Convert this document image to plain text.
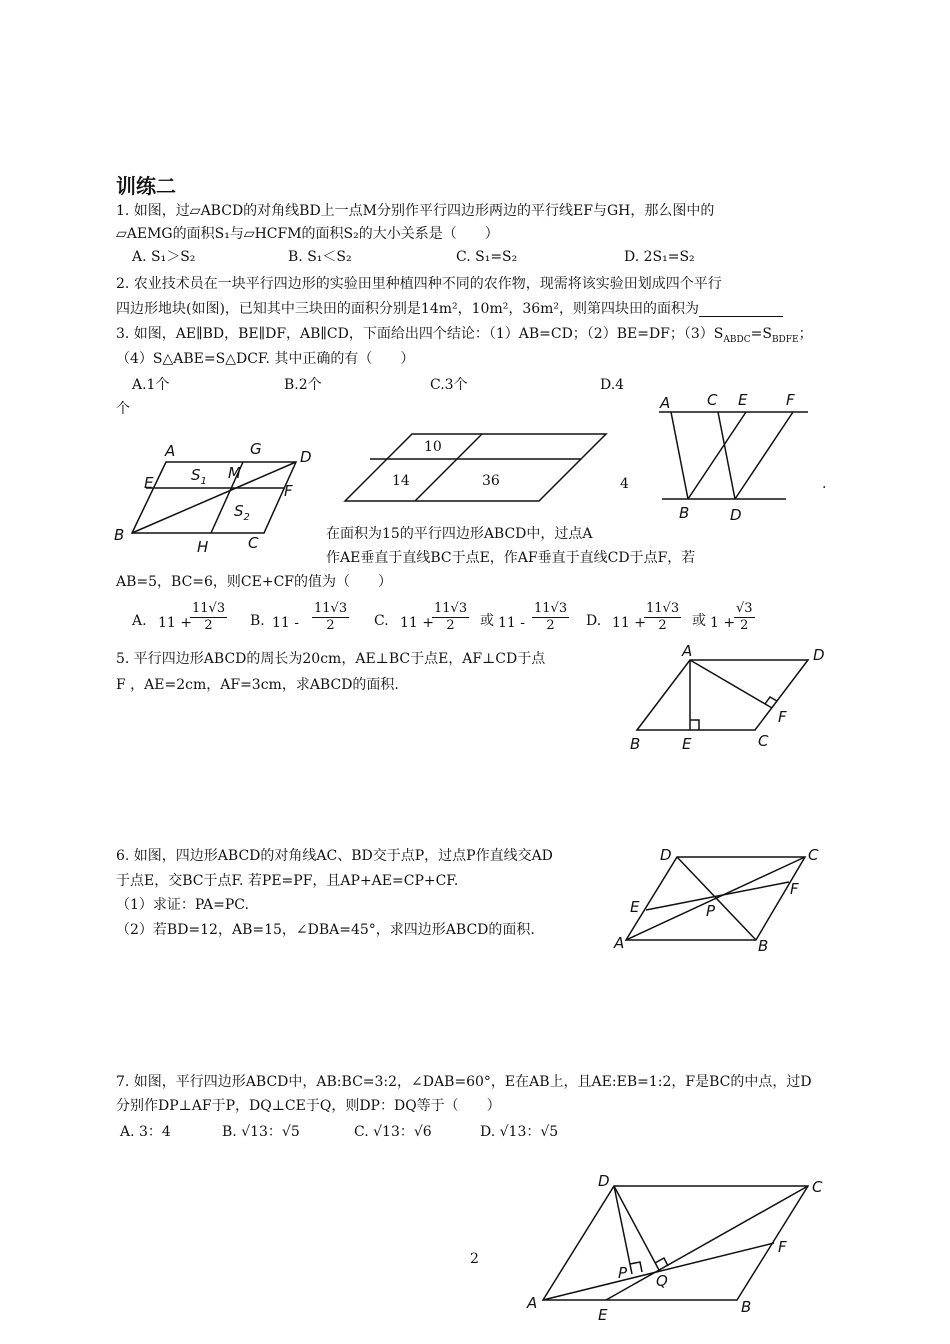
训练二
1. 如图，过▱ABCD的对角线BD上一点M分别作平行四边形两边的平行线EF与GH，那么图中的
▱AEMG的面积S₁与▱HCFM的面积S₂的大小关系是（　　）
A. S₁＞S₂	B. S₁＜S₂	C. S₁=S₂	D. 2S₁=S₂
2. 农业技术员在一块平行四边形的实验田里种植四种不同的农作物，现需将该实验田划成四个平行
四边形地块(如图)，已知其中三块田的面积分别是14m²，10m²，36m²，则第四块田的面积为
3. 如图，AE∥BD，BE∥DF，AB∥CD，下面给出四个结论：（1）AB=CD；（2）BE=DF；$(3)S_{ABDC}=S_{BDFE}$；
（4）S△ABE=S△DCF. 其中正确的有（　　）
A.1个	B.2个	C.3个	D.4
个
A	G	D
E
M
F
B
H	C
$S_1$
$S_2$
10
14	36
A C E	F
B	D
4	.
在面积为15的平行四边形ABCD中，过点A
作AE垂直于直线BC于点E，作AF垂直于直线CD于点F，若
AB=5，BC=6，则CE+CF的值为（　　）
A. 11 +
$\frac{11√3}{2} B$. $11 - \frac{11√3}{2} C$. 11 +
$\frac{11√3}{2}$ 或 $11 - \frac{11√3}{2} D$. 11 +
$\frac{11√3}{2}$ 或 1 +
$\frac{√3}{2}$
5. 平行四边形ABCD的周长为20cm，AE⊥BC于点E，AF⊥CD于点
F ，AE=2cm，AF=3cm，求ABCD的面积.
A	D
F
B	E	C
6. 如图，四边形ABCD的对角线AC、BD交于点P，过点P作直线交AD
于点E，交BC于点F. 若PE=PF，且AP+AE=CP+CF.
（1）求证：PA=PC.
（2）若BD=12，AB=15，∠DBA=45°，求四边形ABCD的面积.
D	C
F
E	P
A	B
7. 如图，平行四边形ABCD中，AB:BC=3:2，∠DAB=60°，E在AB上，且AE:EB=1:2，F是BC的中点，过D
分别作DP⊥AF于P，DQ⊥CE于Q，则DP：DQ等于（　　）
A. 3：4	B. √13：√5	C. √13：√6	D. √13：√5
D	C
F
P Q
A
E	B
2
